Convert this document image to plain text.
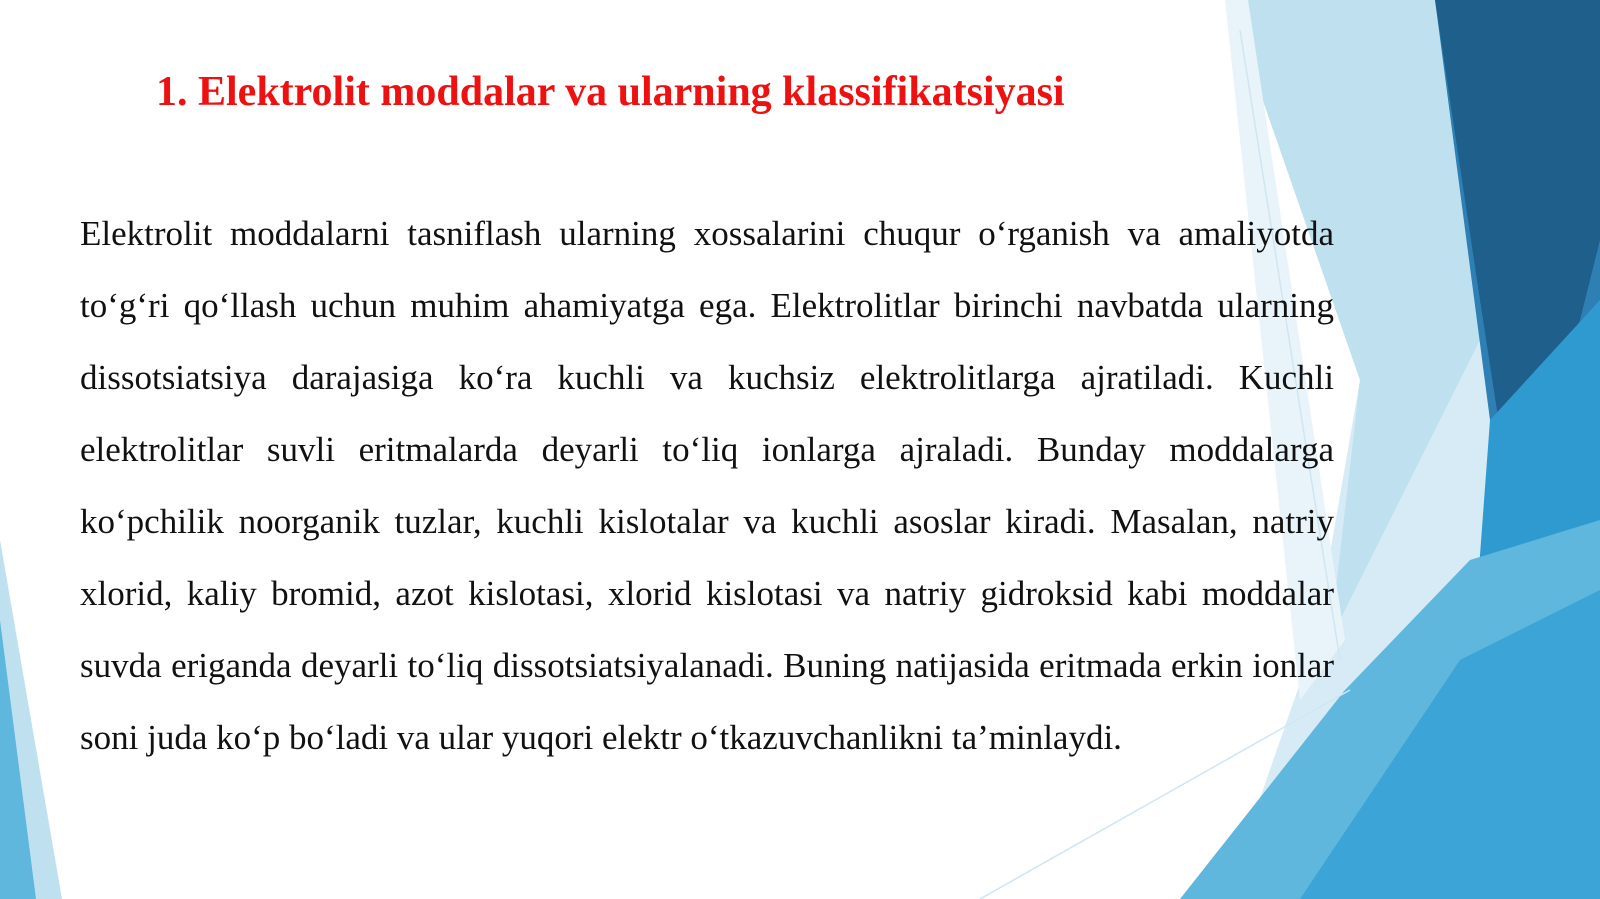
1. Elektrolit moddalar va ularning klassifikatsiyasi

Elektrolit moddalarni tasniflash ularning xossalarini chuqur o‘rganish va amaliyotda to‘g‘ri qo‘llash uchun muhim ahamiyatga ega. Elektrolitlar birinchi navbatda ularning dissotsiatsiya darajasiga ko‘ra kuchli va kuchsiz elektrolitlarga ajratiladi. Kuchli elektrolitlar suvli eritmalarda deyarli to‘liq ionlarga ajraladi. Bunday moddalarga ko‘pchilik noorganik tuzlar, kuchli kislotalar va kuchli asoslar kiradi. Masalan, natriy xlorid, kaliy bromid, azot kislotasi, xlorid kislotasi va natriy gidroksid kabi moddalar suvda eriganda deyarli to‘liq dissotsiatsiyalanadi. Buning natijasida eritmada erkin ionlar soni juda ko‘p bo‘ladi va ular yuqori elektr o‘tkazuvchanlikni ta’minlaydi.
